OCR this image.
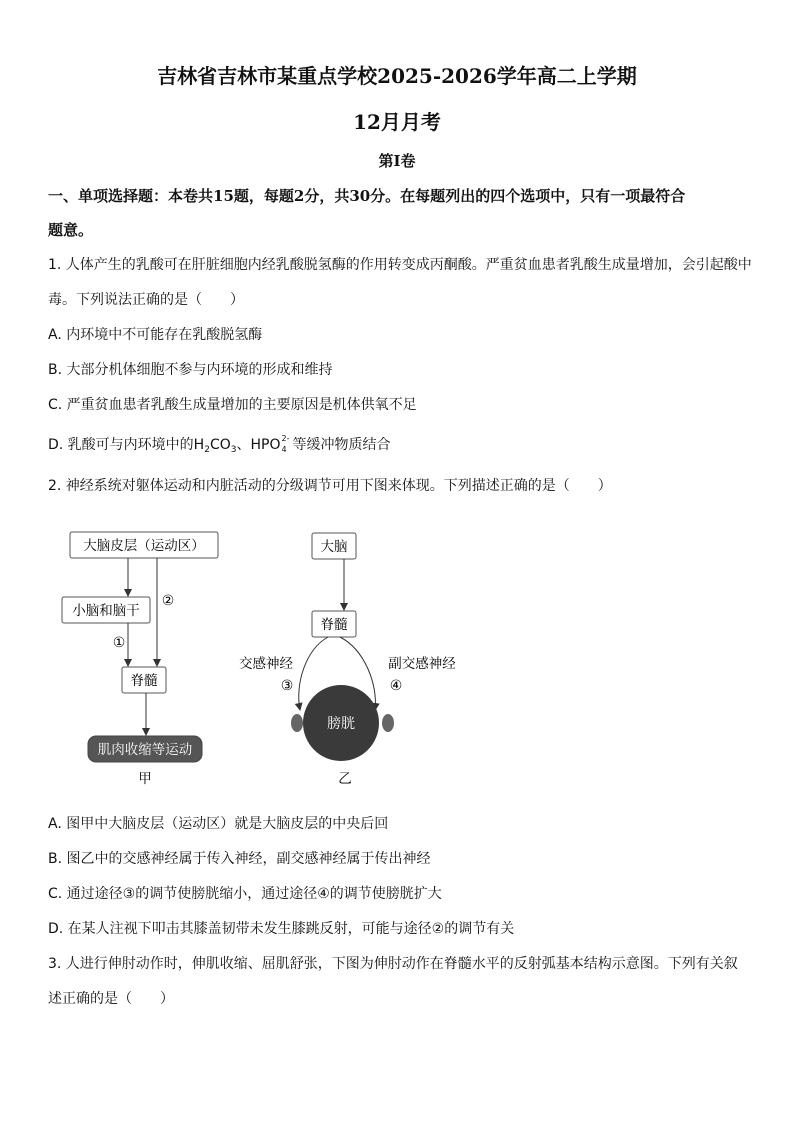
吉林省吉林市某重点学校2025-2026学年高二上学期
12月月考
第Ⅰ卷
一、单项选择题：本卷共15题，每题2分，共30分。在每题列出的四个选项中，只有一项最符合
题意。
1. 人体产生的乳酸可在肝脏细胞内经乳酸脱氢酶的作用转变成丙酮酸。严重贫血患者乳酸生成量增加，会引起酸中
毒。下列说法正确的是（　　）
A. 内环境中不可能存在乳酸脱氢酶
B. 大部分机体细胞不参与内环境的形成和维持
C. 严重贫血患者乳酸生成量增加的主要原因是机体供氧不足
D. 乳酸可与内环境中的$H_2CO_3$、HPO 2-
4 等缓冲物质结合
2. 神经系统对躯体运动和内脏活动的分级调节可用下图来体现。下列描述正确的是（　　）
大脑皮层（运动区）
小脑和脑干
脊髓
肌肉收缩等运动
①
②
甲
大脑
脊髓
交感神经	副交感神经
③	④
膀胱
乙
A. 图甲中大脑皮层（运动区）就是大脑皮层的中央后回
B. 图乙中的交感神经属于传入神经，副交感神经属于传出神经
C. 通过途径③的调节使膀胱缩小，通过途径④的调节使膀胱扩大
D. 在某人注视下叩击其膝盖韧带未发生膝跳反射，可能与途径②的调节有关
3. 人进行伸肘动作时，伸肌收缩、屈肌舒张，下图为伸肘动作在脊髓水平的反射弧基本结构示意图。下列有关叙
述正确的是（　　）
